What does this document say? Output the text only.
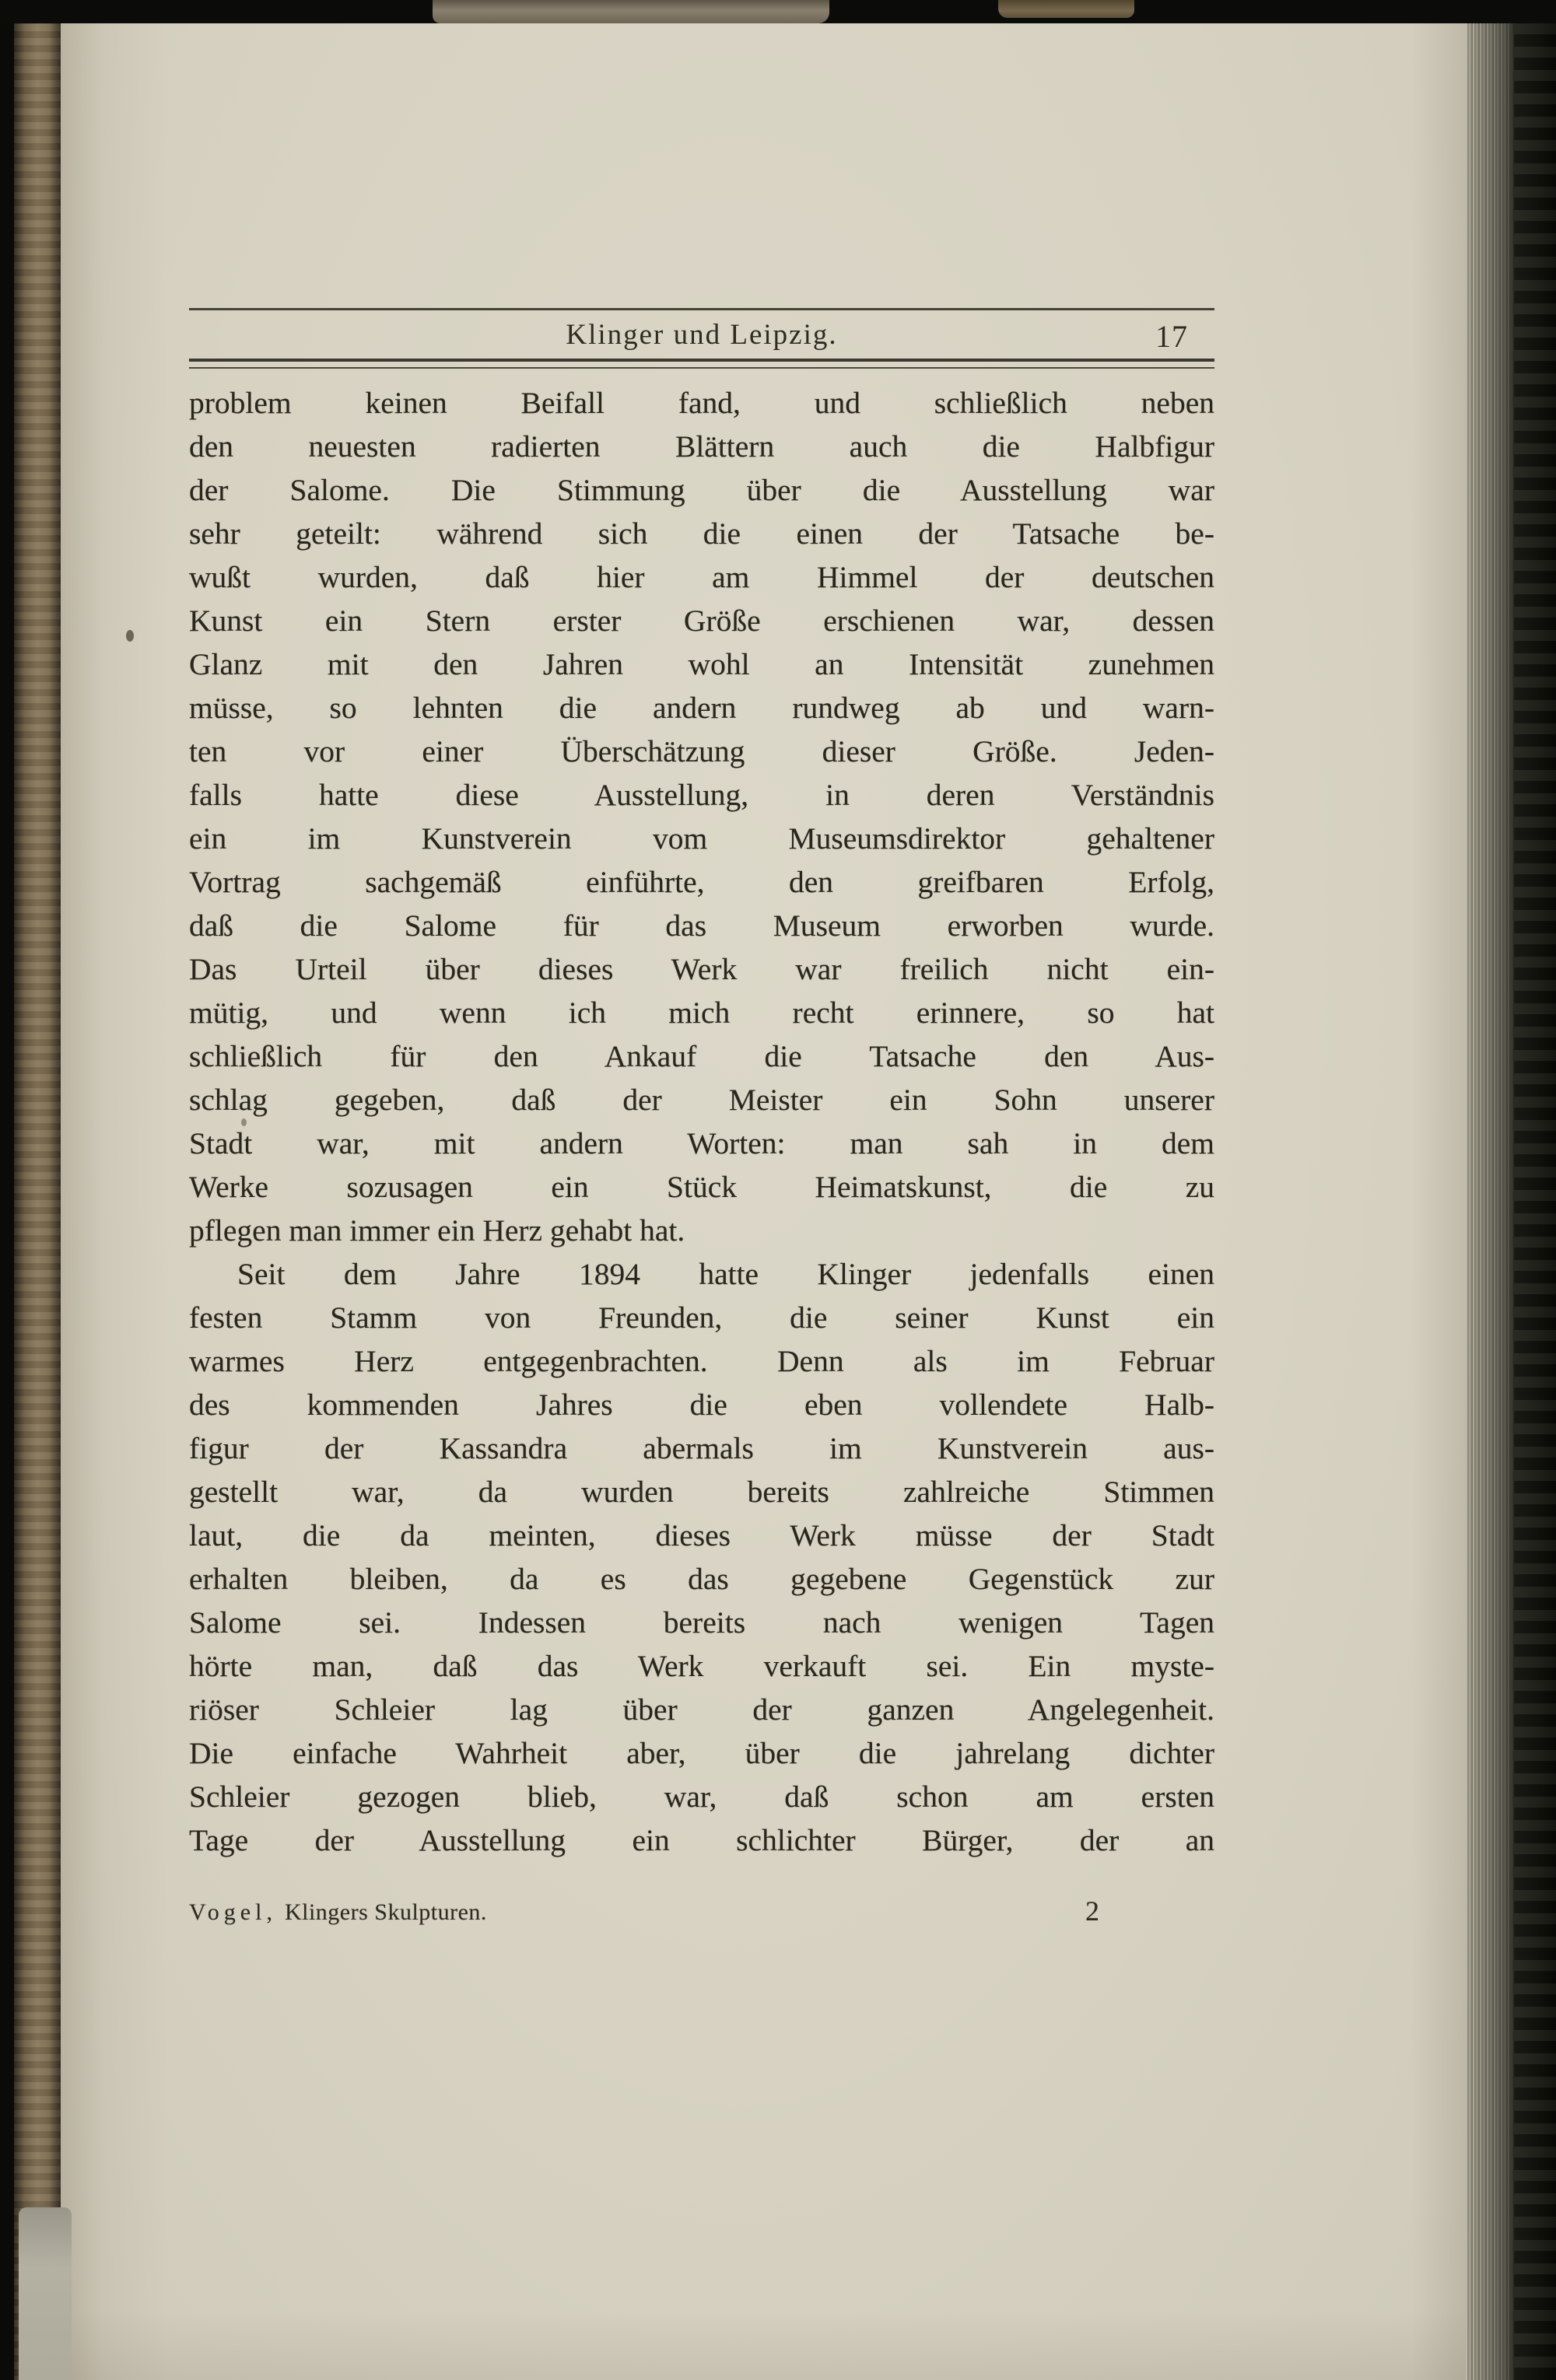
Klinger und Leipzig.	17
problem keinen Beifall fand, und schließlich neben
den neuesten radierten Blättern auch die Halbfigur
der Salome. Die Stimmung über die Ausstellung war
sehr geteilt: während sich die einen der Tatsache be-
wußt wurden, daß hier am Himmel der deutschen
Kunst ein Stern erster Größe erschienen war, dessen
Glanz mit den Jahren wohl an Intensität zunehmen
müsse, so lehnten die andern rundweg ab und warn-
ten vor einer Überschätzung dieser Größe. Jeden-
falls hatte diese Ausstellung, in deren Verständnis
ein im Kunstverein vom Museumsdirektor gehaltener
Vortrag sachgemäß einführte, den greifbaren Erfolg,
daß die Salome für das Museum erworben wurde.
Das Urteil über dieses Werk war freilich nicht ein-
mütig, und wenn ich mich recht erinnere, so hat
schließlich für den Ankauf die Tatsache den Aus-
schlag gegeben, daß der Meister ein Sohn unserer
Stadt war, mit andern Worten: man sah in dem
Werke sozusagen ein Stück Heimatskunst, die zu
pflegen man immer ein Herz gehabt hat.
Seit dem Jahre 1894 hatte Klinger jedenfalls einen
festen Stamm von Freunden, die seiner Kunst ein
warmes Herz entgegenbrachten. Denn als im Februar
des kommenden Jahres die eben vollendete Halb-
figur der Kassandra abermals im Kunstverein aus-
gestellt war, da wurden bereits zahlreiche Stimmen
laut, die da meinten, dieses Werk müsse der Stadt
erhalten bleiben, da es das gegebene Gegenstück zur
Salome sei. Indessen bereits nach wenigen Tagen
hörte man, daß das Werk verkauft sei. Ein myste-
riöser Schleier lag über der ganzen Angelegenheit.
Die einfache Wahrheit aber, über die jahrelang dichter
Schleier gezogen blieb, war, daß schon am ersten
Tage der Ausstellung ein schlichter Bürger, der an
Vogel, Klingers Skulpturen.	2
